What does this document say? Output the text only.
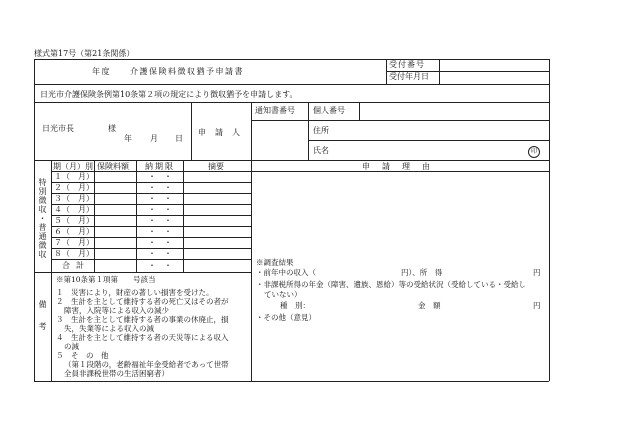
様式第17号（第21条関係）
年度　　介護保険料徴収猶予申請書
受付番号
受付年月日
日光市介護保険条例第10条第２項の規定により徴収猶予を申請します。
日光市長	様
年 月 日
申請人
通知書番号 個人番号
住所
氏名	印
期（月）別 保険料額 納期限	摘要	申請理由
特別徴収・普通徴収
１（　月）	・　・
２（　月）	・　・
３（　月）	・　・
４（　月）	・　・
５（　月）	・　・
６（　月）	・　・
７（　月）	・　・
８（　月）	・　・
合計	・　・
備考
※第10条第１項第　　号該当
１　災害により，財産の著しい損害を受けた。
２　生計を主として維持する者の死亡又はその者が
障害，入院等による収入の減少
３　生計を主として維持する者の事業の休廃止，損
失，失業等による収入の減
４　生計を主として維持する者の天災等による収入
の減
５　そ　の　他
（第１段階の，老齢福祉年金受給者であって世帯
全員非課税世帯の生活困窮者）
※調査結果
・前年中の収入（	円）、所　得	円
・非課税所得の年金（障害、遺族、恩給）等の受給状況（受給している・受給し
ていない）
種　別：	金　額	円
・その他（意見）
